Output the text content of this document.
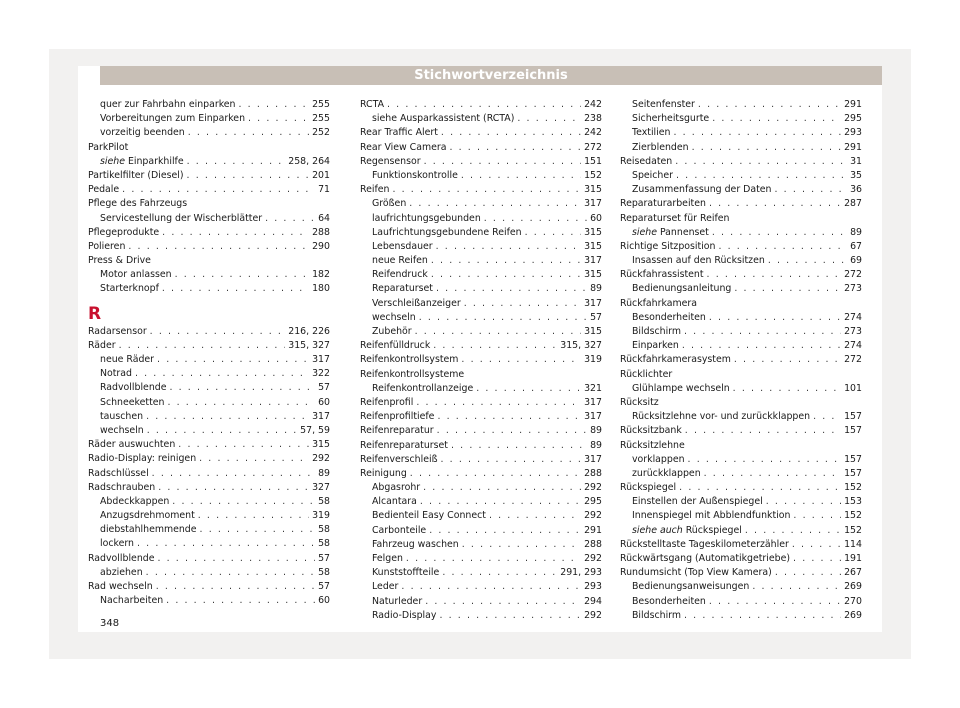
Stichwortverzeichnis
quer zur Fahrbahn einparken . . .	255
Vorbereitungen zum Einparken . . .	255
vorzeitig beenden . . .	252
ParkPilot
siehe Einparkhilfe . . .	258, 264
Partikelfilter (Diesel) . . .	201
Pedale . . .	71
Pflege des Fahrzeugs
Servicestellung der Wischerblätter . . .	64
Pflegeprodukte . . .	288
Polieren . . .	290
Press & Drive
Motor anlassen . . .	182
Starterknopf . . .	180
R
Radarsensor . . .	216, 226
Räder . . .	315, 327
neue Räder . . .	317
Notrad . . .	322
Radvollblende . . .	57
Schneeketten . . .	60
tauschen . . .	317
wechseln . . .	57, 59
Räder auswuchten . . .	315
Radio-Display: reinigen . . .	292
Radschlüssel . . .	89
Radschrauben . . .	327
Abdeckkappen . . .	58
Anzugsdrehmoment . . .	319
diebstahlhemmende . . .	58
lockern . . .	58
Radvollblende . . .	57
abziehen . . .	58
Rad wechseln . . .	57
Nacharbeiten . . .	60
RCTA . . .	242
siehe Ausparkassistent (RCTA) . . .	238
Rear Traffic Alert . . .	242
Rear View Camera . . .	272
Regensensor . . .	151
Funktionskontrolle . . .	152
Reifen . . .	315
Größen . . .	317
laufrichtungsgebunden . . .	60
Laufrichtungsgebundene Reifen . . .	315
Lebensdauer . . .	315
neue Reifen . . .	317
Reifendruck . . .	315
Reparaturset . . .	89
Verschleißanzeiger . . .	317
wechseln . . .	57
Zubehör . . .	315
Reifenfülldruck . . .	315, 327
Reifenkontrollsystem . . .	319
Reifenkontrollsysteme
Reifenkontrollanzeige . . .	321
Reifenprofil . . .	317
Reifenprofiltiefe . . .	317
Reifenreparatur . . .	89
Reifenreparaturset . . .	89
Reifenverschleiß . . .	317
Reinigung . . .	288
Abgasrohr . . .	292
Alcantara . . .	295
Bedienteil Easy Connect . . .	292
Carbonteile . . .	291
Fahrzeug waschen . . .	288
Felgen . . .	292
Kunststoffteile . . .	291, 293
Leder . . .	293
Naturleder . . .	294
Radio-Display . . .	292
Seitenfenster . . .	291
Sicherheitsgurte . . .	295
Textilien . . .	293
Zierblenden . . .	291
Reisedaten . . .	31
Speicher . . .	35
Zusammenfassung der Daten . . .	36
Reparaturarbeiten . . .	287
Reparaturset für Reifen
siehe Pannenset . . .	89
Richtige Sitzposition . . .	67
Insassen auf den Rücksitzen . . .	69
Rückfahrassistent . . .	272
Bedienungsanleitung . . .	273
Rückfahrkamera
Besonderheiten . . .	274
Bildschirm . . .	273
Einparken . . .	274
Rückfahrkamerasystem . . .	272
Rücklichter
Glühlampe wechseln . . .	101
Rücksitz
Rücksitzlehne vor- und zurückklappen . . .	157
Rücksitzbank . . .	157
Rücksitzlehne
vorklappen . . .	157
zurückklappen . . .	157
Rückspiegel . . .	152
Einstellen der Außenspiegel . . .	153
Innenspiegel mit Abblendfunktion . . .	152
siehe auch Rückspiegel . . .	152
Rückstelltaste Tageskilometerzähler . . .	114
Rückwärtsgang (Automatikgetriebe) . . .	191
Rundumsicht (Top View Kamera) . . .	267
Bedienungsanweisungen . . .	269
Besonderheiten . . .	270
Bildschirm . . .	269
348
